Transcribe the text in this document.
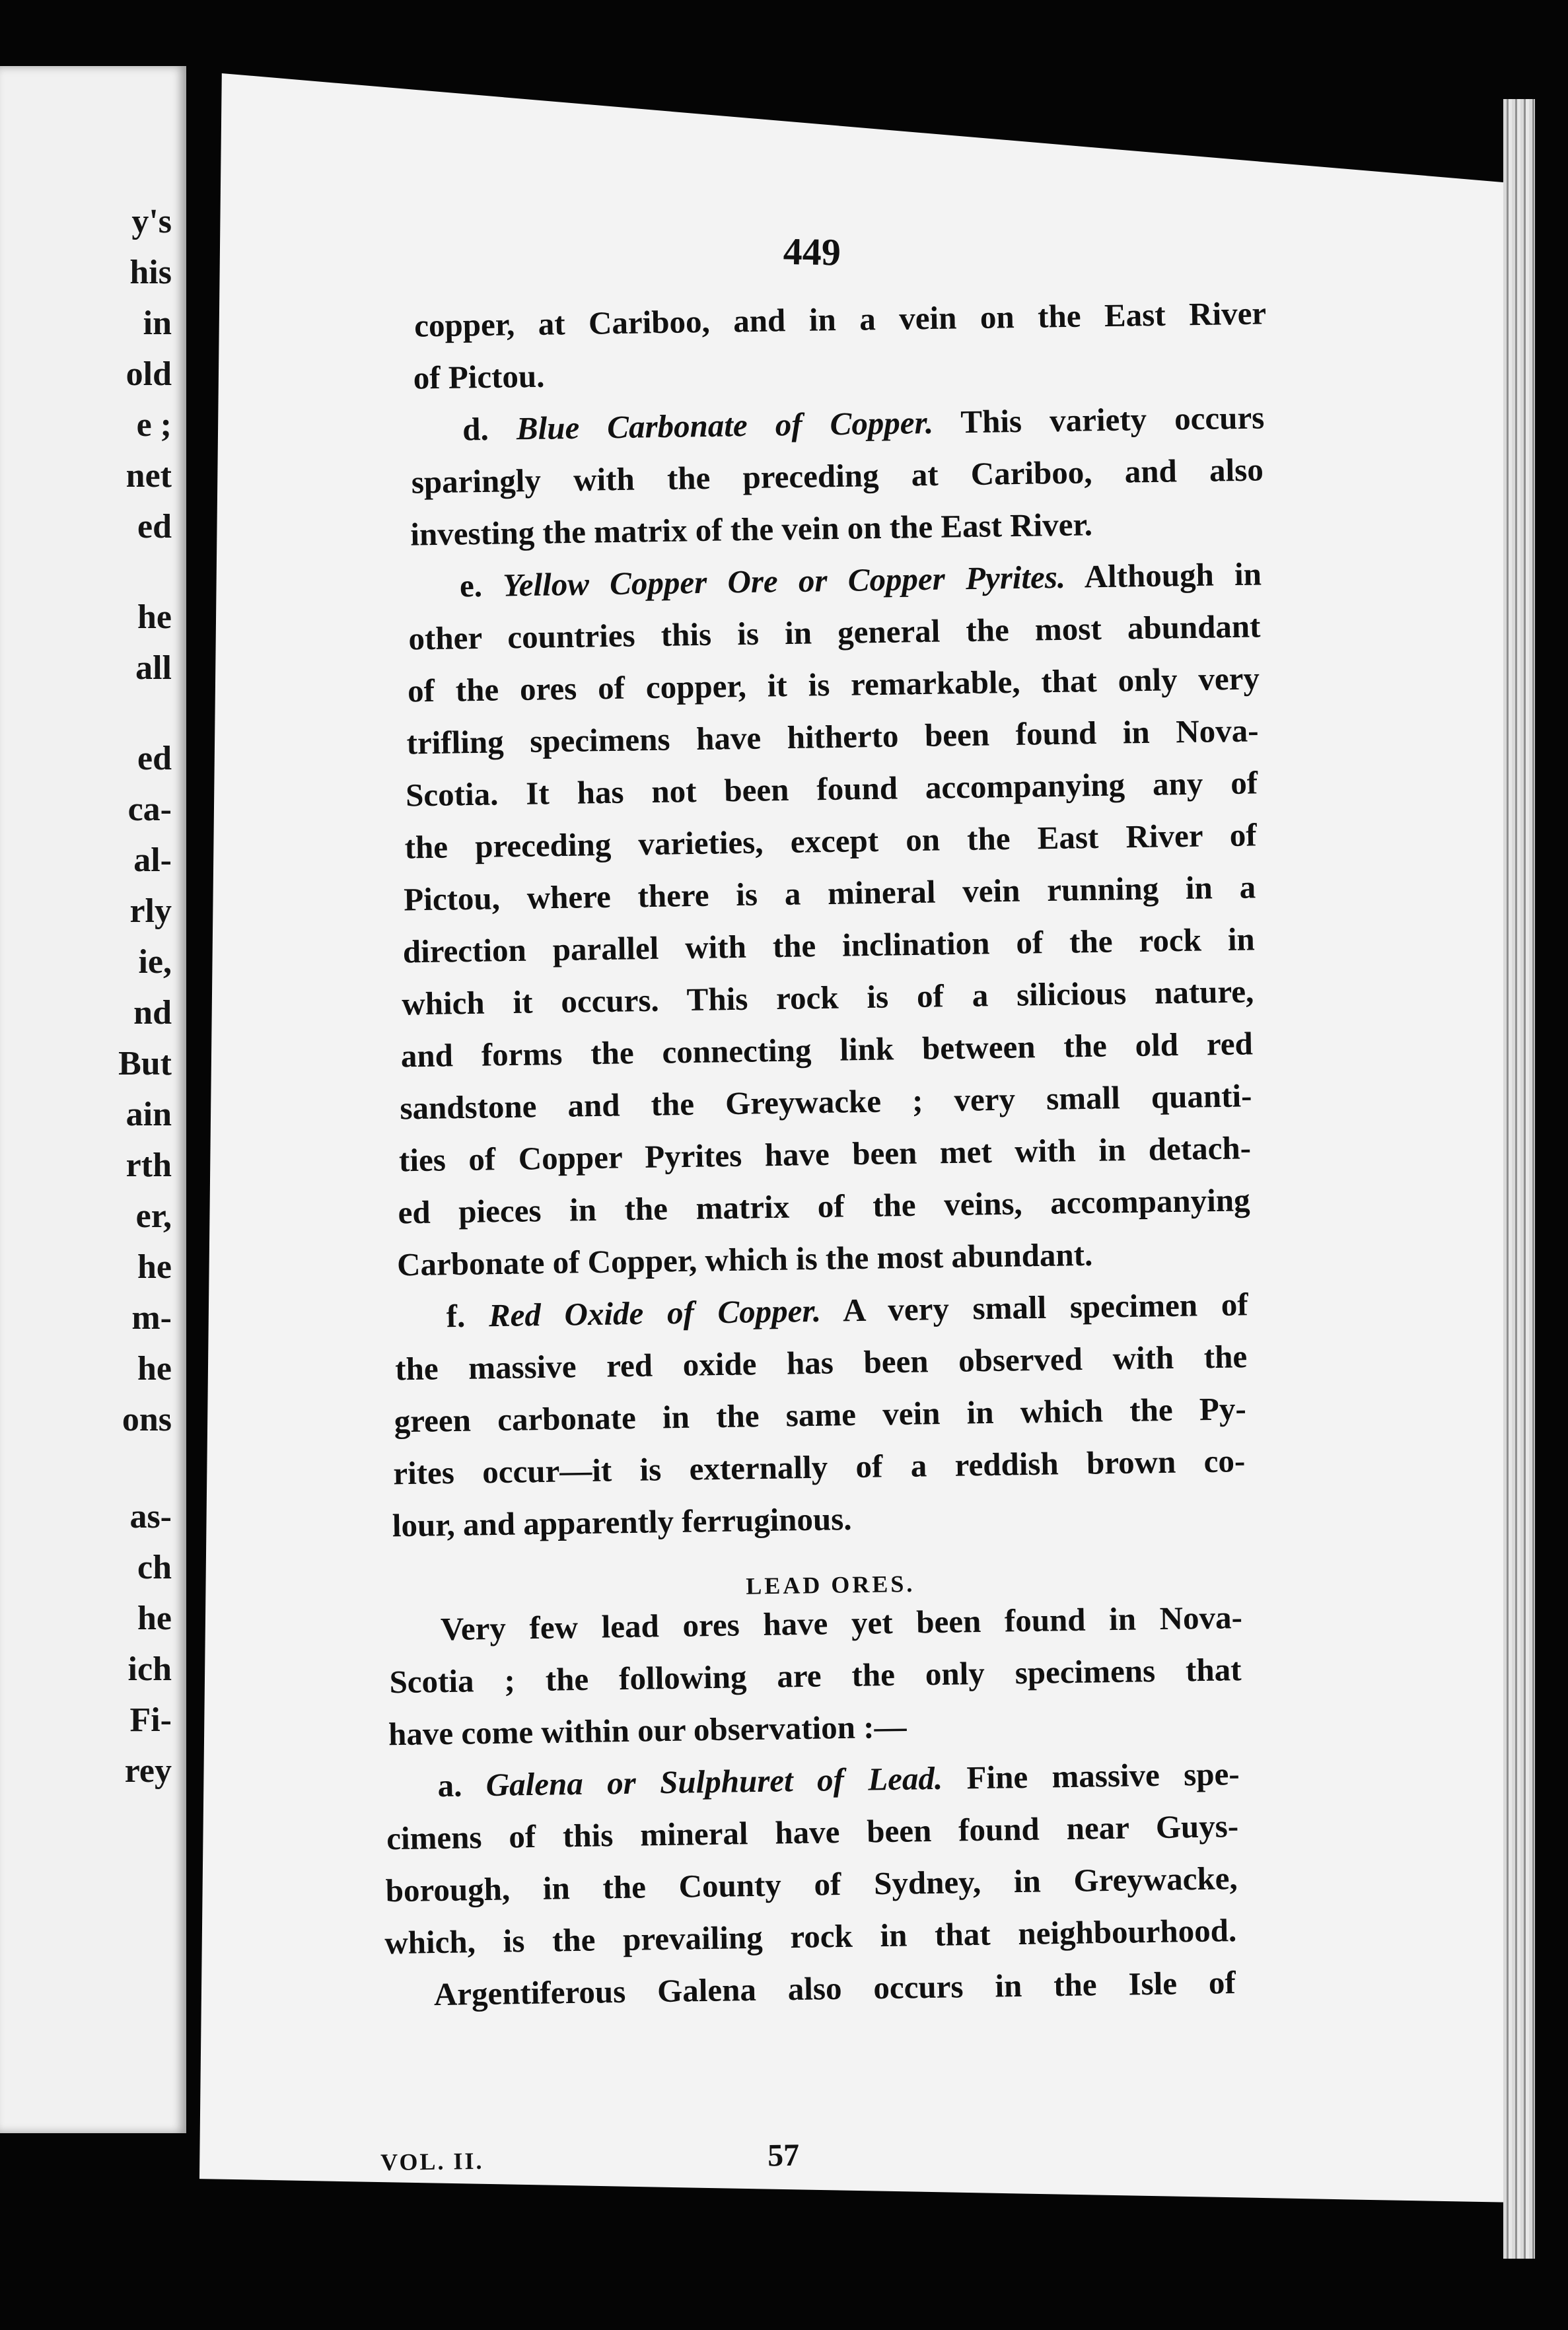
y's
his
in
old
e ;
net
ed
he
all
ed
ca-
al-
rly
ie,
nd
But
ain
rth
er,
he
m-
he
ons
as-
ch
he
ich
Fi-
rey
449
copper, at Cariboo, and in a vein on the East River
of Pictou.
d. Blue Carbonate of Copper. This variety occurs
sparingly with the preceding at Cariboo, and also
investing the matrix of the vein on the East River.
e. Yellow Copper Ore or Copper Pyrites. Although in
other countries this is in general the most abundant
of the ores of copper, it is remarkable, that only very
trifling specimens have hitherto been found in Nova-
Scotia. It has not been found accompanying any of
the preceding varieties, except on the East River of
Pictou, where there is a mineral vein running in a
direction parallel with the inclination of the rock in
which it occurs. This rock is of a silicious nature,
and forms the connecting link between the old red
sandstone and the Greywacke ; very small quanti-
ties of Copper Pyrites have been met with in detach-
ed pieces in the matrix of the veins, accompanying
Carbonate of Copper, which is the most abundant.
f. Red Oxide of Copper. A very small specimen of
the massive red oxide has been observed with the
green carbonate in the same vein in which the Py-
rites occur—it is externally of a reddish brown co-
lour, and apparently ferruginous.
LEAD ORES.
Very few lead ores have yet been found in Nova-
Scotia ; the following are the only specimens that
have come within our observation :—
a. Galena or Sulphuret of Lead. Fine massive spe-
cimens of this mineral have been found near Guys-
borough, in the County of Sydney, in Greywacke,
which, is the prevailing rock in that neighbourhood.
Argentiferous Galena also occurs in the Isle of
VOL. II.	57
